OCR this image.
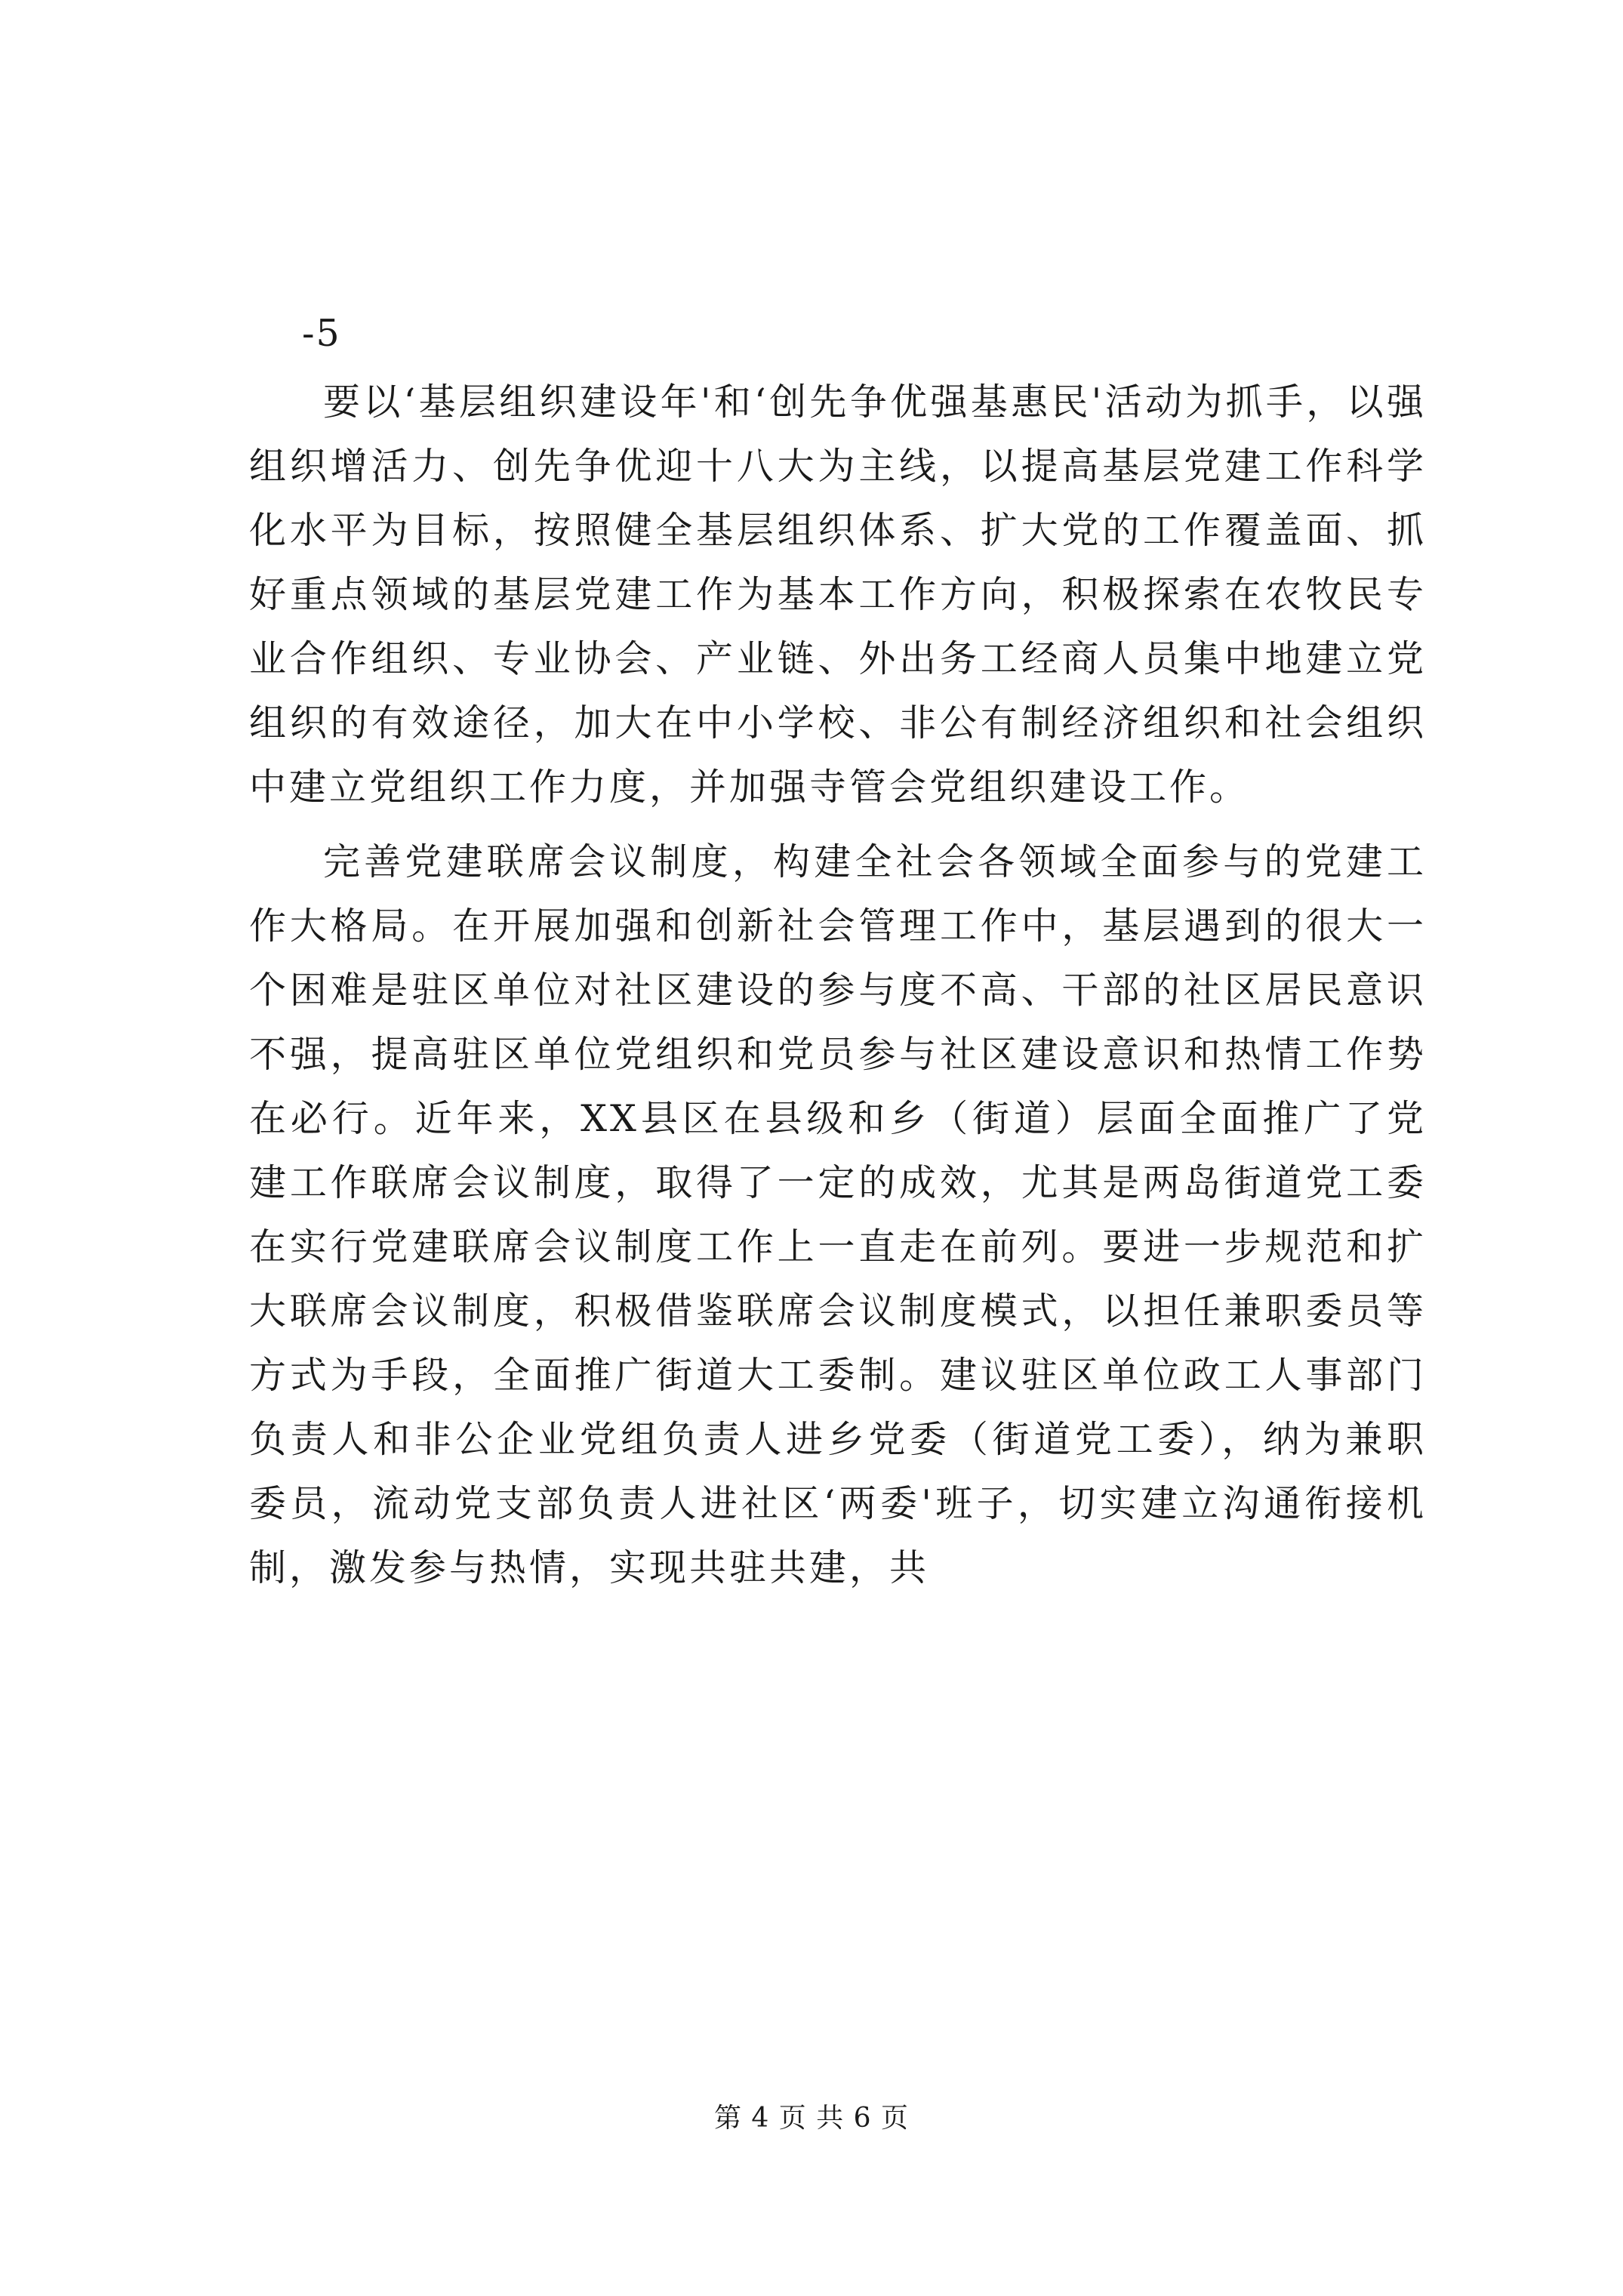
-5

要以‘基层组织建设年'和‘创先争优强基惠民'活动为抓手，以强组织增活力、创先争优迎十八大为主线，以提高基层党建工作科学化水平为目标，按照健全基层组织体系、扩大党的工作覆盖面、抓好重点领域的基层党建工作为基本工作方向，积极探索在农牧民专业合作组织、专业协会、产业链、外出务工经商人员集中地建立党组织的有效途径，加大在中小学校、非公有制经济组织和社会组织中建立党组织工作力度，并加强寺管会党组织建设工作。

完善党建联席会议制度，构建全社会各领域全面参与的党建工作大格局。在开展加强和创新社会管理工作中，基层遇到的很大一个困难是驻区单位对社区建设的参与度不高、干部的社区居民意识不强，提高驻区单位党组织和党员参与社区建设意识和热情工作势在必行。近年来，XX县区在县级和乡（街道）层面全面推广了党建工作联席会议制度，取得了一定的成效，尤其是两岛街道党工委在实行党建联席会议制度工作上一直走在前列。要进一步规范和扩大联席会议制度，积极借鉴联席会议制度模式，以担任兼职委员等方式为手段，全面推广街道大工委制。建议驻区单位政工人事部门负责人和非公企业党组负责人进乡党委（街道党工委），纳为兼职委员，流动党支部负责人进社区‘两委'班子，切实建立沟通衔接机制，激发参与热情，实现共驻共建，共

第 4 页 共 6 页
